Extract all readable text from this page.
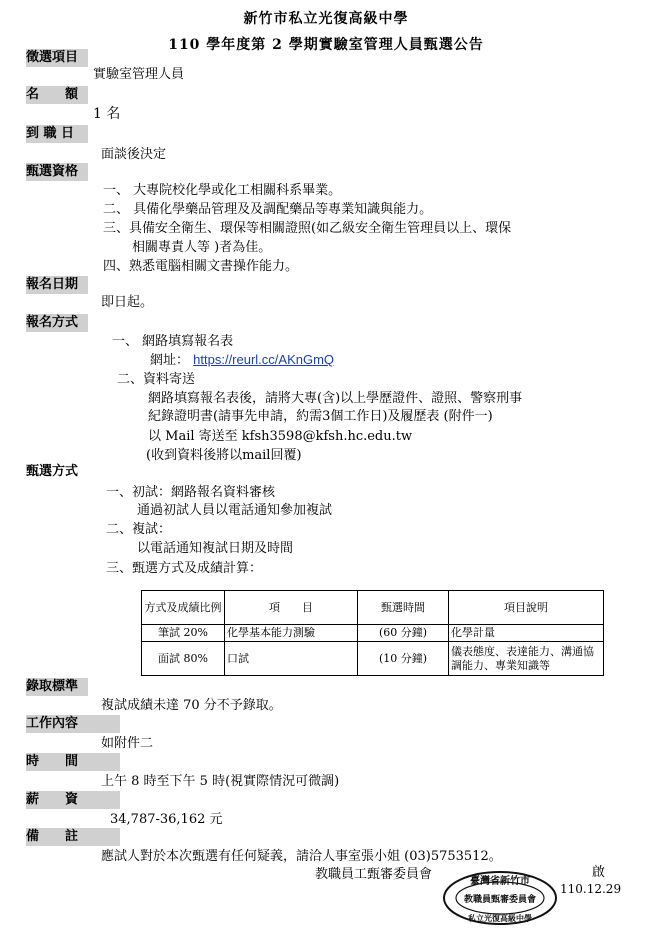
新竹市私立光復高級中學
110 學年度第 2 學期實驗室管理人員甄選公告
徵選項目
實驗室管理人員
名　　額
1 名
到 職 日
面談後決定
甄選資格
一、 大專院校化學或化工相關科系畢業。
二、 具備化學藥品管理及及調配藥品等專業知識與能力。
三、具備安全衛生、環保等相關證照(如乙級安全衛生管理員以上、環保
相關專責人等 )者為佳。
四、熟悉電腦相關文書操作能力。
報名日期
即日起。
報名方式
一、 網路填寫報名表
網址： https://reurl.cc/AKnGmQ
二、資料寄送
網路填寫報名表後，請將大專(含)以上學歷證件、證照、警察刑事
紀錄證明書(請事先申請，約需3個工作日)及履歷表 (附件一)
以 Mail 寄送至 kfsh3598@kfsh.hc.edu.tw
(收到資料後將以mail回覆)
甄選方式
一、初試：網路報名資料審核
通過初試人員以電話通知參加複試
二、複試：
以電話通知複試日期及時間
三、甄選方式及成績計算：
方式及成績比例	項　　目	甄選時間	項目說明
筆試 20%	化學基本能力測驗	(60 分鐘)	化學計量
面試 80%	口試	(10 分鐘)	儀表態度、表達能力、溝通協調能力、專業知識等
錄取標準
複試成績未達 70 分不予錄取。
工作內容
如附件二
時　　間
上午 8 時至下午 5 時(視實際情況可微調)
薪　　資
34,787-36,162 元
備　　註
應試人對於本次甄選有任何疑義，請洽人事室張小姐 (03)5753512。
教職員工甄審委員會	啟
110.12.29
臺灣省新竹市
教職員甄審委員會
私立光復高級中學
